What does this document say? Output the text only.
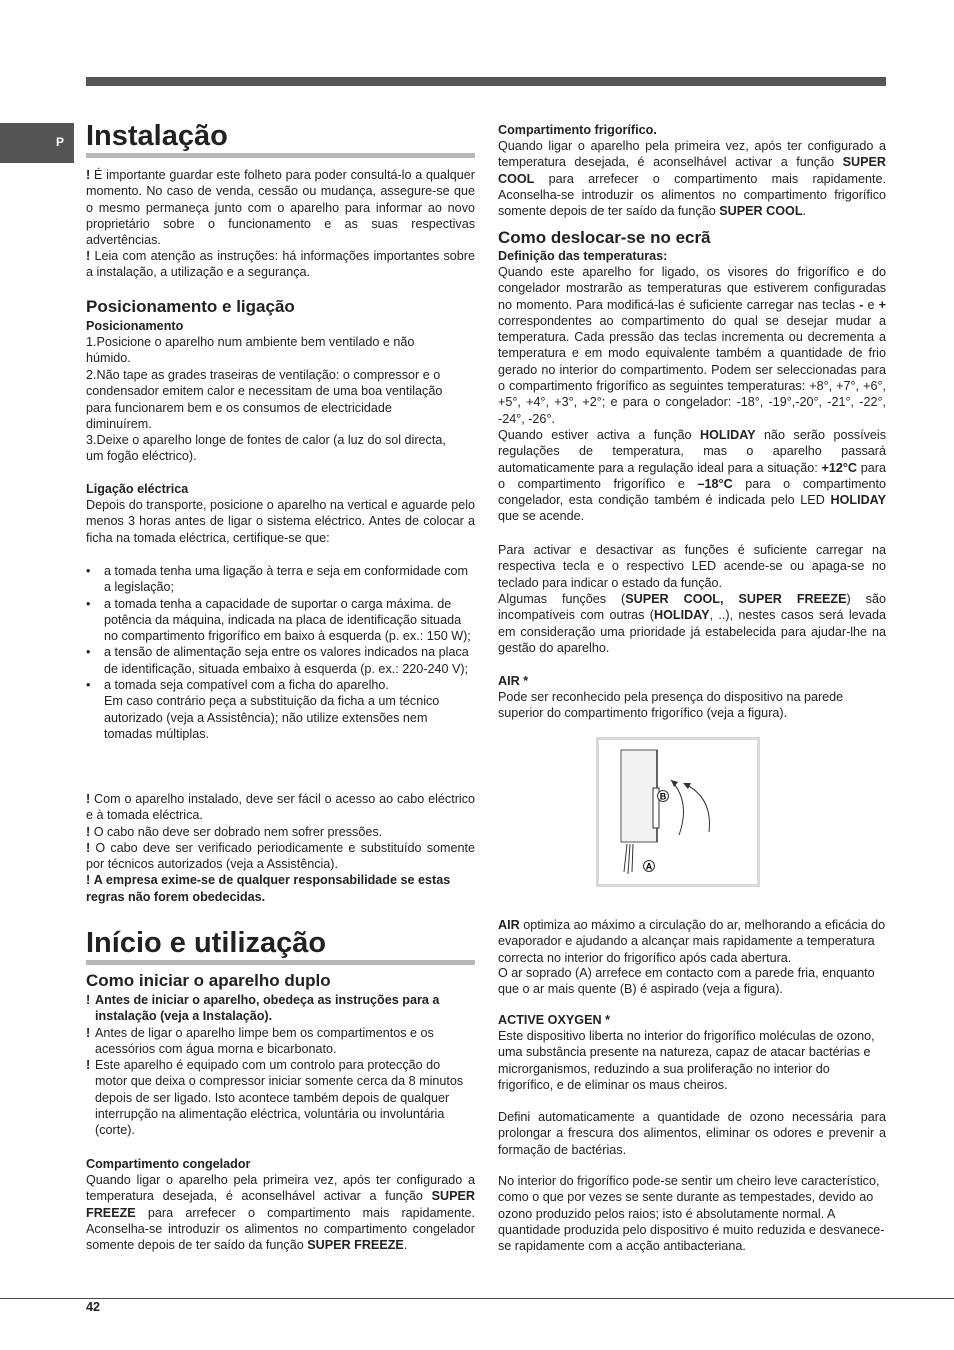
P Instalação
! É importante guardar este folheto para poder consultá-lo a qualquer momento. No caso de venda, cessão ou mudança, assegure-se que o mesmo permaneça junto com o aparelho para informar ao novo proprietário sobre o funcionamento e as suas respectivas advertências.
! Leia com atenção as instruções: há informações importantes sobre a instalação, a utilização e a segurança.
Posicionamento e ligação
Posicionamento
1.Posicione o aparelho num ambiente bem ventilado e não húmido.
2.Não tape as grades traseiras de ventilação: o compressor e o condensador emitem calor e necessitam de uma boa ventilação para funcionarem bem e os consumos de electricidade diminuírem.
3.Deixe o aparelho longe de fontes de calor (a luz do sol directa, um fogão eléctrico).
Ligação eléctrica
Depois do transporte, posicione o aparelho na vertical e aguarde pelo menos 3 horas antes de ligar o sistema eléctrico. Antes de colocar a ficha na tomada eléctrica, certifique-se que:
• a tomada tenha uma ligação à terra e seja em conformidade com a legislação;
• a tomada tenha a capacidade de suportar o carga máxima. de potência da máquina, indicada na placa de identificação situada no compartimento frigorífico em baixo à esquerda (p. ex.: 150 W);
• a tensão de alimentação seja entre os valores indicados na placa de identificação, situada embaixo à esquerda (p. ex.: 220-240 V);
• a tomada seja compatível com a ficha do aparelho.
Em caso contrário peça a substituição da ficha a um técnico autorizado (veja a Assistência); não utilize extensões nem tomadas múltiplas.
! Com o aparelho instalado, deve ser fácil o acesso ao cabo eléctrico e à tomada eléctrica.
! O cabo não deve ser dobrado nem sofrer pressões.
! O cabo deve ser verificado periodicamente e substituído somente por técnicos autorizados (veja a Assistência).
! A empresa exime-se de qualquer responsabilidade se estas regras não forem obedecidas.
Início e utilização
Como iniciar o aparelho duplo
! Antes de iniciar o aparelho, obedeça as instruções para a instalação (veja a Instalação).
! Antes de ligar o aparelho limpe bem os compartimentos e os acessórios com água morna e bicarbonato.
! Este aparelho é equipado com um controlo para protecção do motor que deixa o compressor iniciar somente cerca da 8 minutos depois de ser ligado. Isto acontece também depois de qualquer interrupção na alimentação eléctrica, voluntária ou involuntária (corte).
Compartimento congelador
Quando ligar o aparelho pela primeira vez, após ter configurado a temperatura desejada, é aconselhável activar a função SUPER FREEZE para arrefecer o compartimento mais rapidamente. Aconselha-se introduzir os alimentos no compartimento congelador somente depois de ter saído da função SUPER FREEZE.
Compartimento frigorífico.
Quando ligar o aparelho pela primeira vez, após ter configurado a temperatura desejada, é aconselhável activar a função SUPER COOL para arrefecer o compartimento mais rapidamente. Aconselha-se introduzir os alimentos no compartimento frigorífico somente depois de ter saído da função SUPER COOL.
Como deslocar-se no ecrã
Definição das temperaturas:
Quando este aparelho for ligado, os visores do frigorífico e do congelador mostrarão as temperaturas que estiverem configuradas no momento. Para modificá-las é suficiente carregar nas teclas - e + correspondentes ao compartimento do qual se desejar mudar a temperatura. Cada pressão das teclas incrementa ou decrementa a temperatura e em modo equivalente também a quantidade de frio gerado no interior do compartimento. Podem ser seleccionadas para o compartimento frigorífico as seguintes temperaturas: +8°, +7°, +6°, +5°, +4°, +3°, +2°; e para o congelador: -18°, -19°,-20°, -21°, -22°, -24°, -26°.
Quando estiver activa a função HOLIDAY não serão possíveis regulações de temperatura, mas o aparelho passará automaticamente para a regulação ideal para a situação: +12°C para o compartimento frigorífico e –18°C para o compartimento congelador, esta condição também é indicada pelo LED HOLIDAY que se acende.
Para activar e desactivar as funções é suficiente carregar na respectiva tecla e o respectivo LED acende-se ou apaga-se no teclado para indicar o estado da função.
Algumas funções (SUPER COOL, SUPER FREEZE) são incompatíveis com outras (HOLIDAY, ..), nestes casos será levada em consideração uma prioridade já estabelecida para ajudar-lhe na gestão do aparelho.
AIR *
Pode ser reconhecido pela presença do dispositivo na parede superior do compartimento frigorífico (veja a figura).
AIR optimiza ao máximo a circulação do ar, melhorando a eficácia do evaporador e ajudando a alcançar mais rapidamente a temperatura correcta no interior do frigorífico após cada abertura.
O ar soprado (A) arrefece em contacto com a parede fria, enquanto que o ar mais quente (B) é aspirado (veja a figura).
ACTIVE OXYGEN *
Este dispositivo liberta no interior do frigorífico moléculas de ozono, uma substância presente na natureza, capaz de atacar bactérias e microrganismos, reduzindo a sua proliferação no interior do frigorífico, e de eliminar os maus cheiros.
Defini automaticamente a quantidade de ozono necessária para prolongar a frescura dos alimentos, eliminar os odores e prevenir a formação de bactérias.
No interior do frigorífico pode-se sentir um cheiro leve característico, como o que por vezes se sente durante as tempestades, devido ao ozono produzido pelos raios; isto é absolutamente normal. A quantidade produzida pelo dispositivo é muito reduzida e desvanece-se rapidamente com a acção antibacteriana.
B
A
42
